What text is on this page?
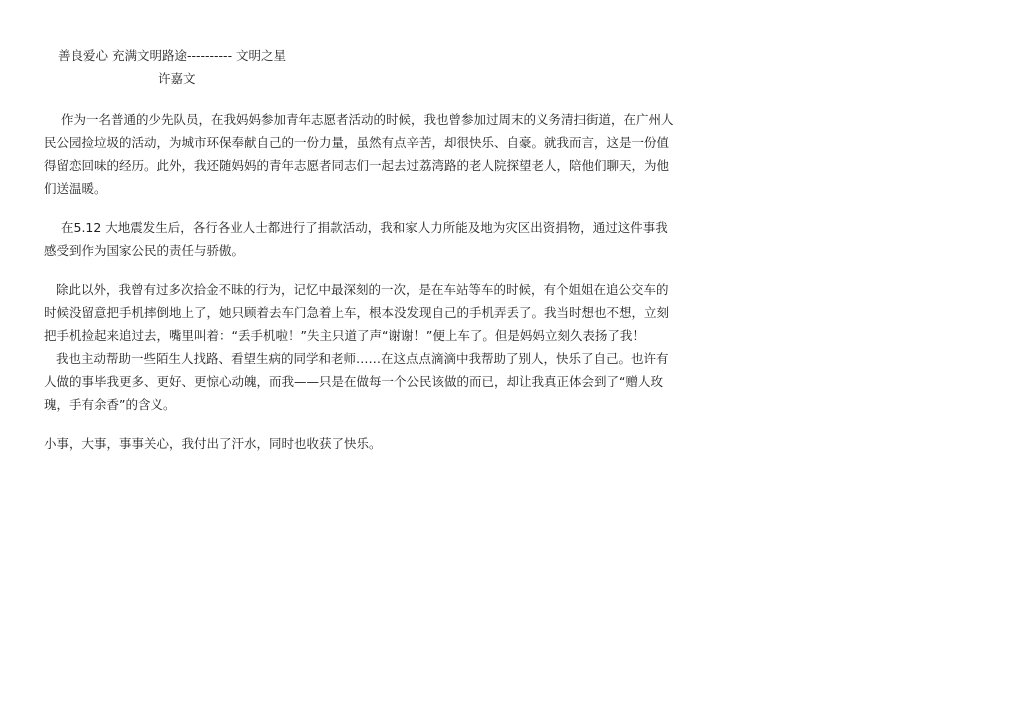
善良爱心 充满文明路途---------- 文明之星
许嘉文

作为一名普通的少先队员，在我妈妈参加青年志愿者活动的时候，我也曾参加过周末的义务清扫街道，在广州人民公园捡垃圾的活动，为城市环保奉献自己的一份力量，虽然有点辛苦，却很快乐、自豪。就我而言，这是一份值得留恋回味的经历。此外，我还随妈妈的青年志愿者同志们一起去过荔湾路的老人院探望老人，陪他们聊天，为他们送温暖。

在5.12 大地震发生后，各行各业人士都进行了捐款活动，我和家人力所能及地为灾区出资捐物，通过这件事我感受到作为国家公民的责任与骄傲。

除此以外，我曾有过多次拾金不昧的行为，记忆中最深刻的一次，是在车站等车的时候，有个姐姐在追公交车的时候没留意把手机摔倒地上了，她只顾着去车门急着上车，根本没发现自己的手机弄丢了。我当时想也不想，立刻把手机捡起来追过去，嘴里叫着：“丢手机啦！”失主只道了声“谢谢！”便上车了。但是妈妈立刻久表扬了我！

我也主动帮助一些陌生人找路、看望生病的同学和老师……在这点点滴滴中我帮助了别人，快乐了自己。也许有人做的事毕我更多、更好、更惊心动魄，而我——只是在做每一个公民该做的而已，却让我真正体会到了“赠人玫瑰，手有余香”的含义。

小事，大事，事事关心，我付出了汗水，同时也收获了快乐。
